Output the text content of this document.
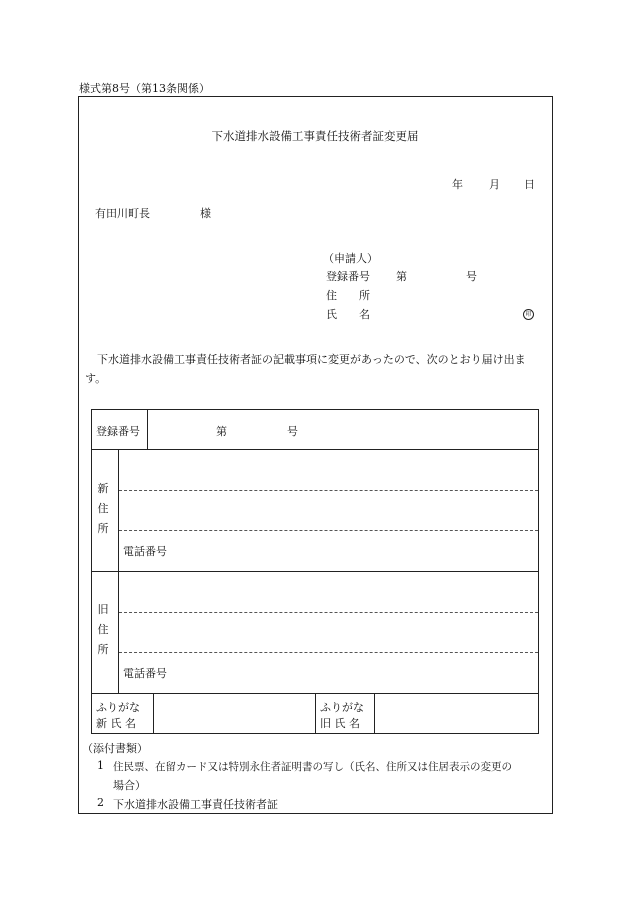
様式第8号（第13条関係）
下水道排水設備工事責任技術者証変更届
年 月 日
有田川町長	様
（申請人）
登録番号 第	号
住　　所
氏　　名	印
下水道排水設備工事責任技術者証の記載事項に変更があったので、次のとおり届け出ま
す。
登録番号	第	号
新住所
電話番号
旧住所
電話番号
ふりがな
新 氏 名
ふりがな
旧 氏 名
（添付書類）
1 住民票、在留カード又は特別永住者証明書の写し（氏名、住所又は住居表示の変更の
場合）
2 下水道排水設備工事責任技術者証
